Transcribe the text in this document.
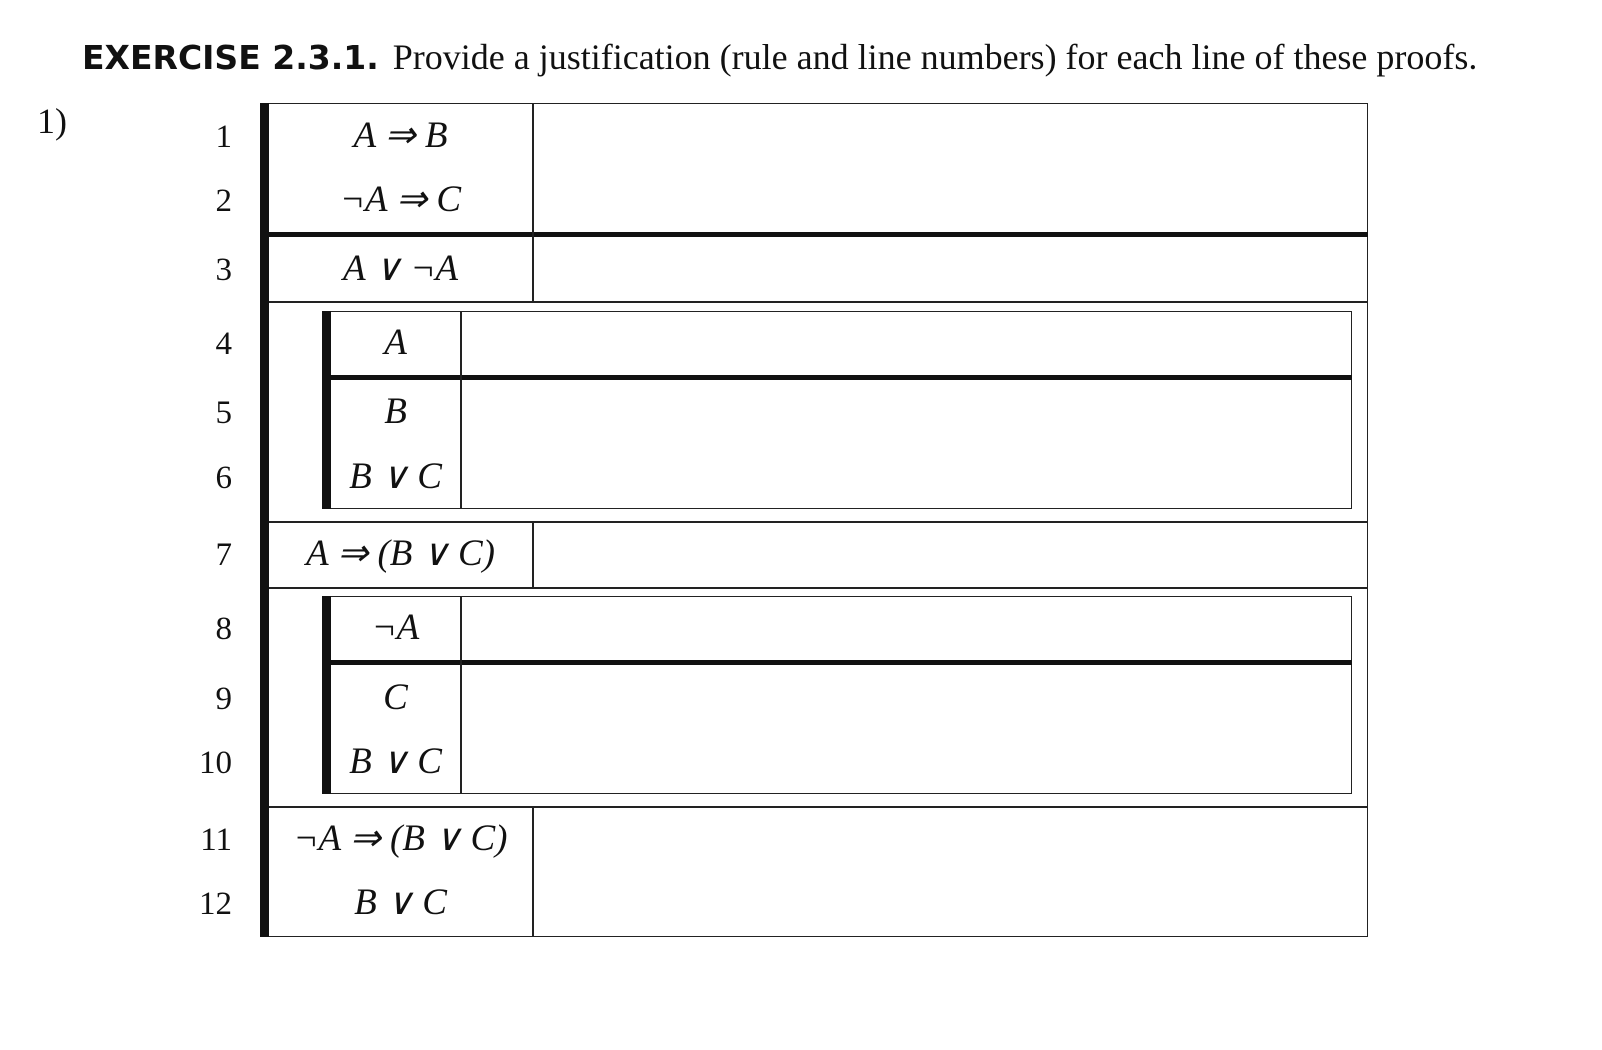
EXERCISE 2.3.1. Provide a justification (rule and line numbers) for each line of these proofs.
1)	1
2
3
4
5
6
7
8
9
10
11
12
A ⇒ B
¬A ⇒ C
A ∨ ¬A
A
B
B ∨ C
A ⇒ (B ∨ C)
¬A
C
B ∨ C
¬A ⇒ (B ∨ C)
B ∨ C
